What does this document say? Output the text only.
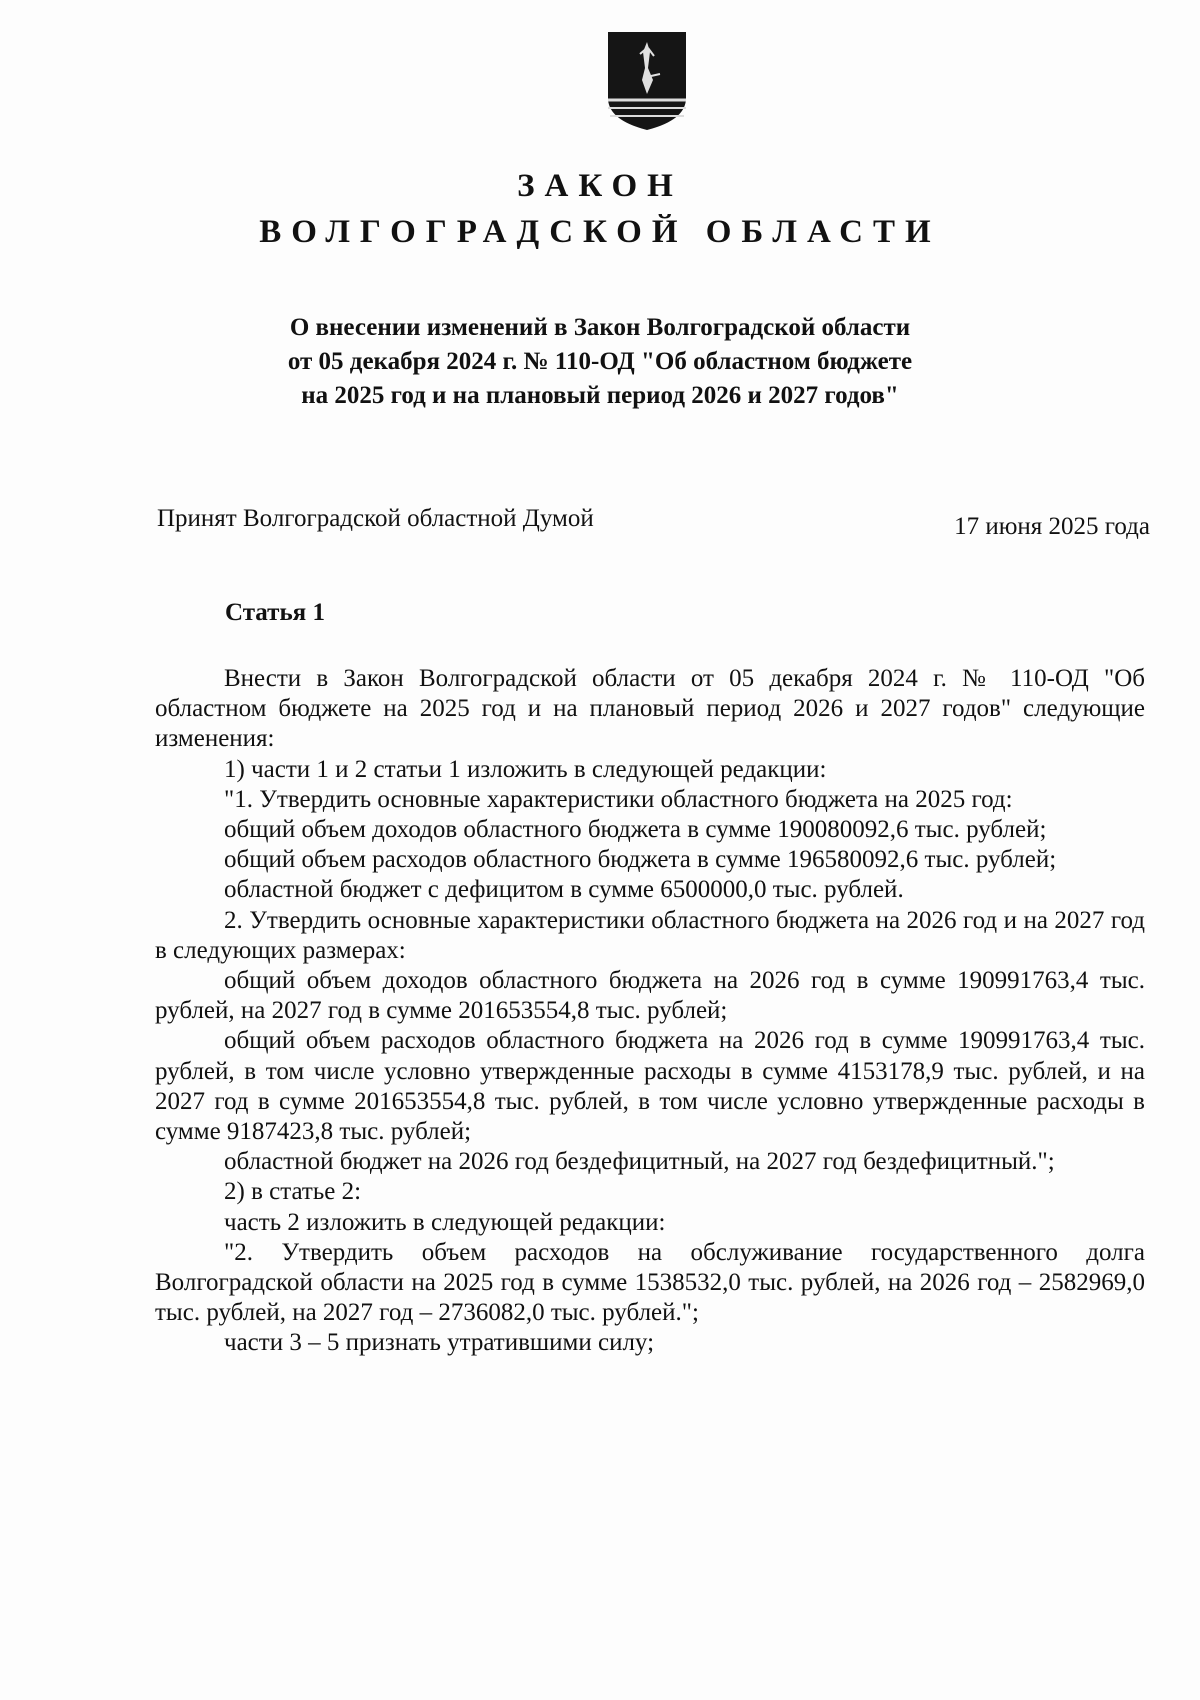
ЗАКОН
ВОЛГОГРАДСКОЙ ОБЛАСТИ
О внесении изменений в Закон Волгоградской области
от 05 декабря 2024 г. № 110-ОД "Об областном бюджете
на 2025 год и на плановый период 2026 и 2027 годов"
Принят Волгоградской областной Думой	17 июня 2025 года
Статья 1

Внести в Закон Волгоградской области от 05 декабря 2024 г. № 110-ОД "Об областном бюджете на 2025 год и на плановый период 2026 и 2027 годов" следующие изменения:

1) части 1 и 2 статьи 1 изложить в следующей редакции:

"1. Утвердить основные характеристики областного бюджета на 2025 год:

общий объем доходов областного бюджета в сумме 190080092,6 тыс. рублей;

общий объем расходов областного бюджета в сумме 196580092,6 тыс. рублей;

областной бюджет с дефицитом в сумме 6500000,0 тыс. рублей.

2. Утвердить основные характеристики областного бюджета на 2026 год и на 2027 год в следующих размерах:

общий объем доходов областного бюджета на 2026 год в сумме 190991763,4 тыс. рублей, на 2027 год в сумме 201653554,8 тыс. рублей;

общий объем расходов областного бюджета на 2026 год в сумме 190991763,4 тыс. рублей, в том числе условно утвержденные расходы в сумме 4153178,9 тыс. рублей, и на 2027 год в сумме 201653554,8 тыс. рублей, в том числе условно утвержденные расходы в сумме 9187423,8 тыс. рублей;

областной бюджет на 2026 год бездефицитный, на 2027 год бездефицитный.";

2) в статье 2:

часть 2 изложить в следующей редакции:

"2. Утвердить объем расходов на обслуживание государственного долга Волгоградской области на 2025 год в сумме 1538532,0 тыс. рублей, на 2026 год – 2582969,0 тыс. рублей, на 2027 год – 2736082,0 тыс. рублей.";

части 3 – 5 признать утратившими силу;
